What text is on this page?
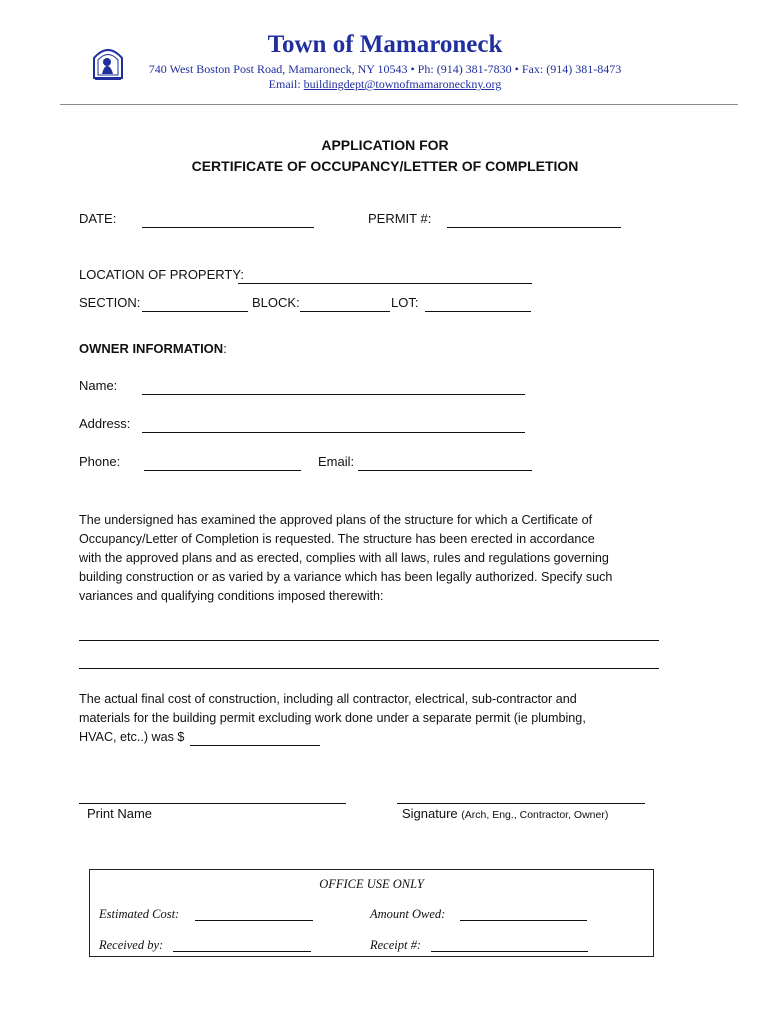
Town of Mamaroneck
740 West Boston Post Road, Mamaroneck, NY 10543 • Ph: (914) 381-7830 • Fax: (914) 381-8473
Email: buildingdept@townofmamaroneckny.org
APPLICATION FOR
CERTIFICATE OF OCCUPANCY/LETTER OF COMPLETION
DATE:	PERMIT #:
LOCATION OF PROPERTY:
SECTION:	BLOCK:	LOT:
OWNER INFORMATION:
Name:
Address:
Phone:	Email:
The undersigned has examined the approved plans of the structure for which a Certificate of
Occupancy/Letter of Completion is requested. The structure has been erected in accordance
with the approved plans and as erected, complies with all laws, rules and regulations governing
building construction or as varied by a variance which has been legally authorized. Specify such
variances and qualifying conditions imposed therewith:
The actual final cost of construction, including all contractor, electrical, sub-contractor and
materials for the building permit excluding work done under a separate permit (ie plumbing,
HVAC, etc..) was $
Print Name	Signature (Arch, Eng., Contractor, Owner)
OFFICE USE ONLY
Estimated Cost:	Amount Owed:
Received by:	Receipt #:
